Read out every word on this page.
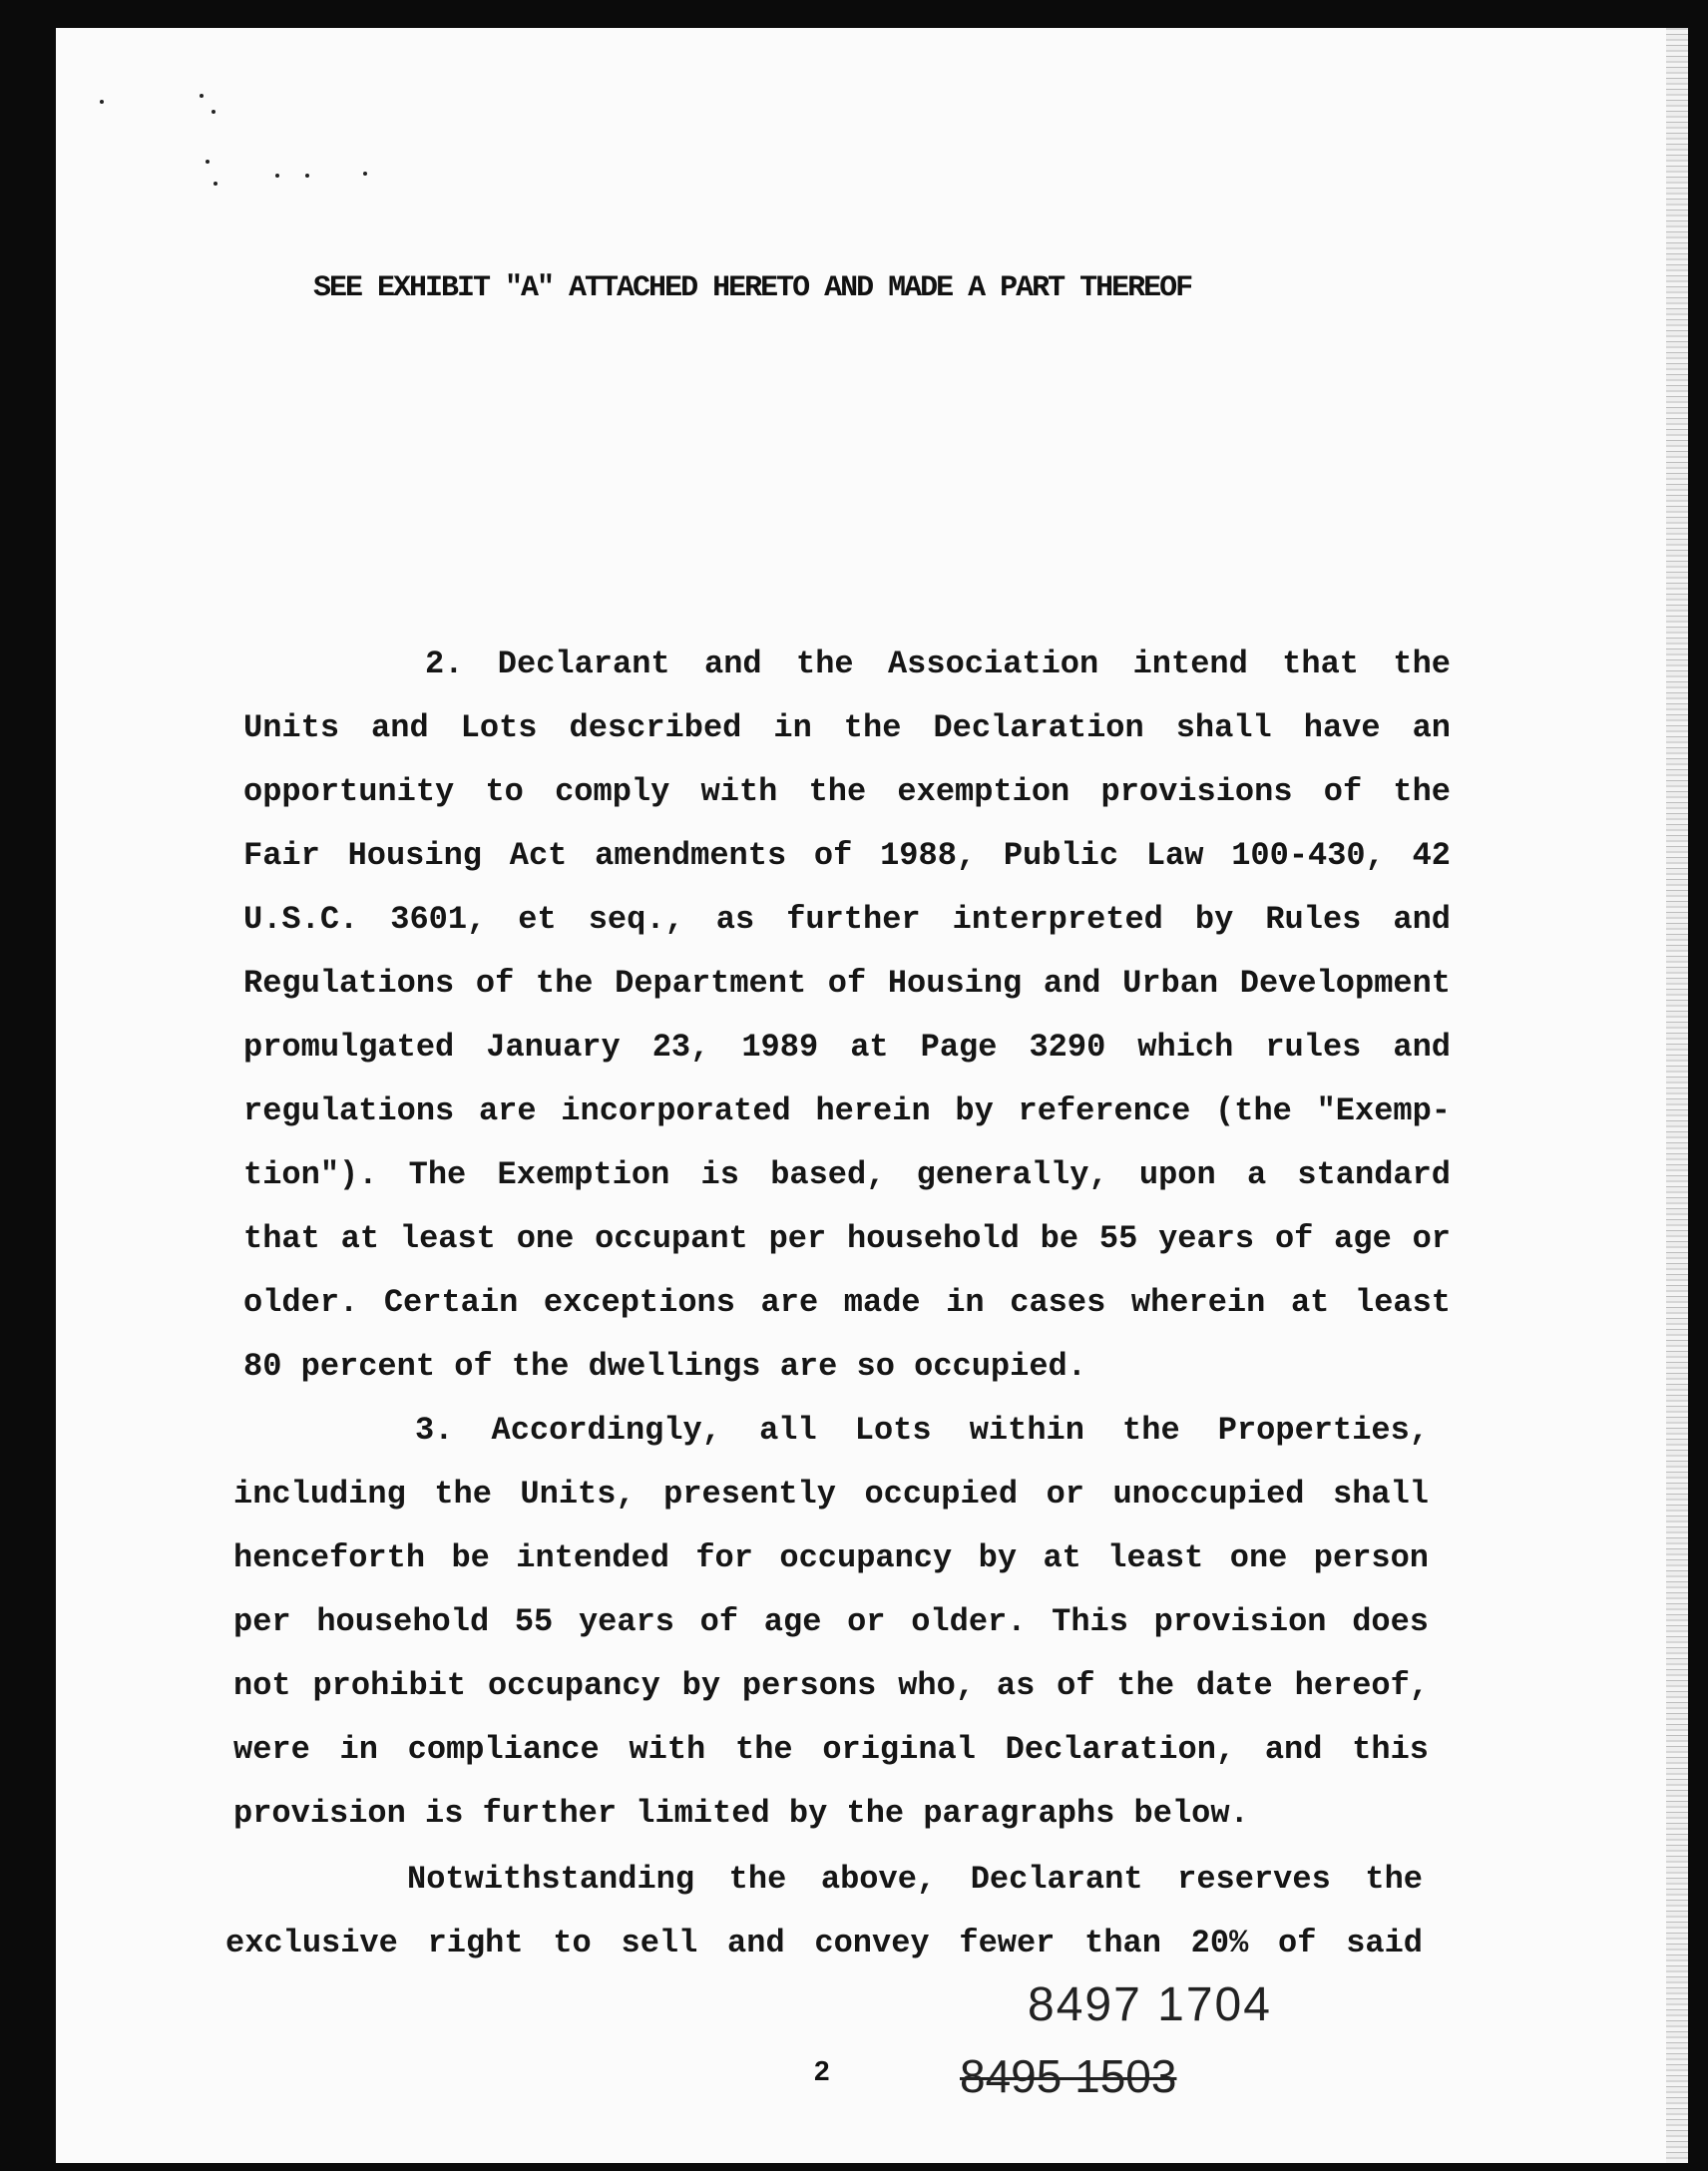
SEE EXHIBIT "A" ATTACHED HERETO AND MADE A PART THEREOF
2. Declarant and the Association intend that the
Units and Lots described in the Declaration shall have an
opportunity to comply with the exemption provisions of the
Fair Housing Act amendments of 1988, Public Law 100-430, 42
U.S.C. 3601, et seq., as further interpreted by Rules and
Regulations of the Department of Housing and Urban Development
promulgated January 23, 1989 at Page 3290 which rules and
regulations are incorporated herein by reference (the "Exemp-
tion"). The Exemption is based, generally, upon a standard
that at least one occupant per household be 55 years of age or
older. Certain exceptions are made in cases wherein at least
80 percent of the dwellings are so occupied.
3. Accordingly, all Lots within the Properties,
including the Units, presently occupied or unoccupied shall
henceforth be intended for occupancy by at least one person
per household 55 years of age or older. This provision does
not prohibit occupancy by persons who, as of the date hereof,
were in compliance with the original Declaration, and this
provision is further limited by the paragraphs below.
Notwithstanding the above, Declarant reserves the
exclusive right to sell and convey fewer than 20% of said
8497 1704
2	8495 1503
